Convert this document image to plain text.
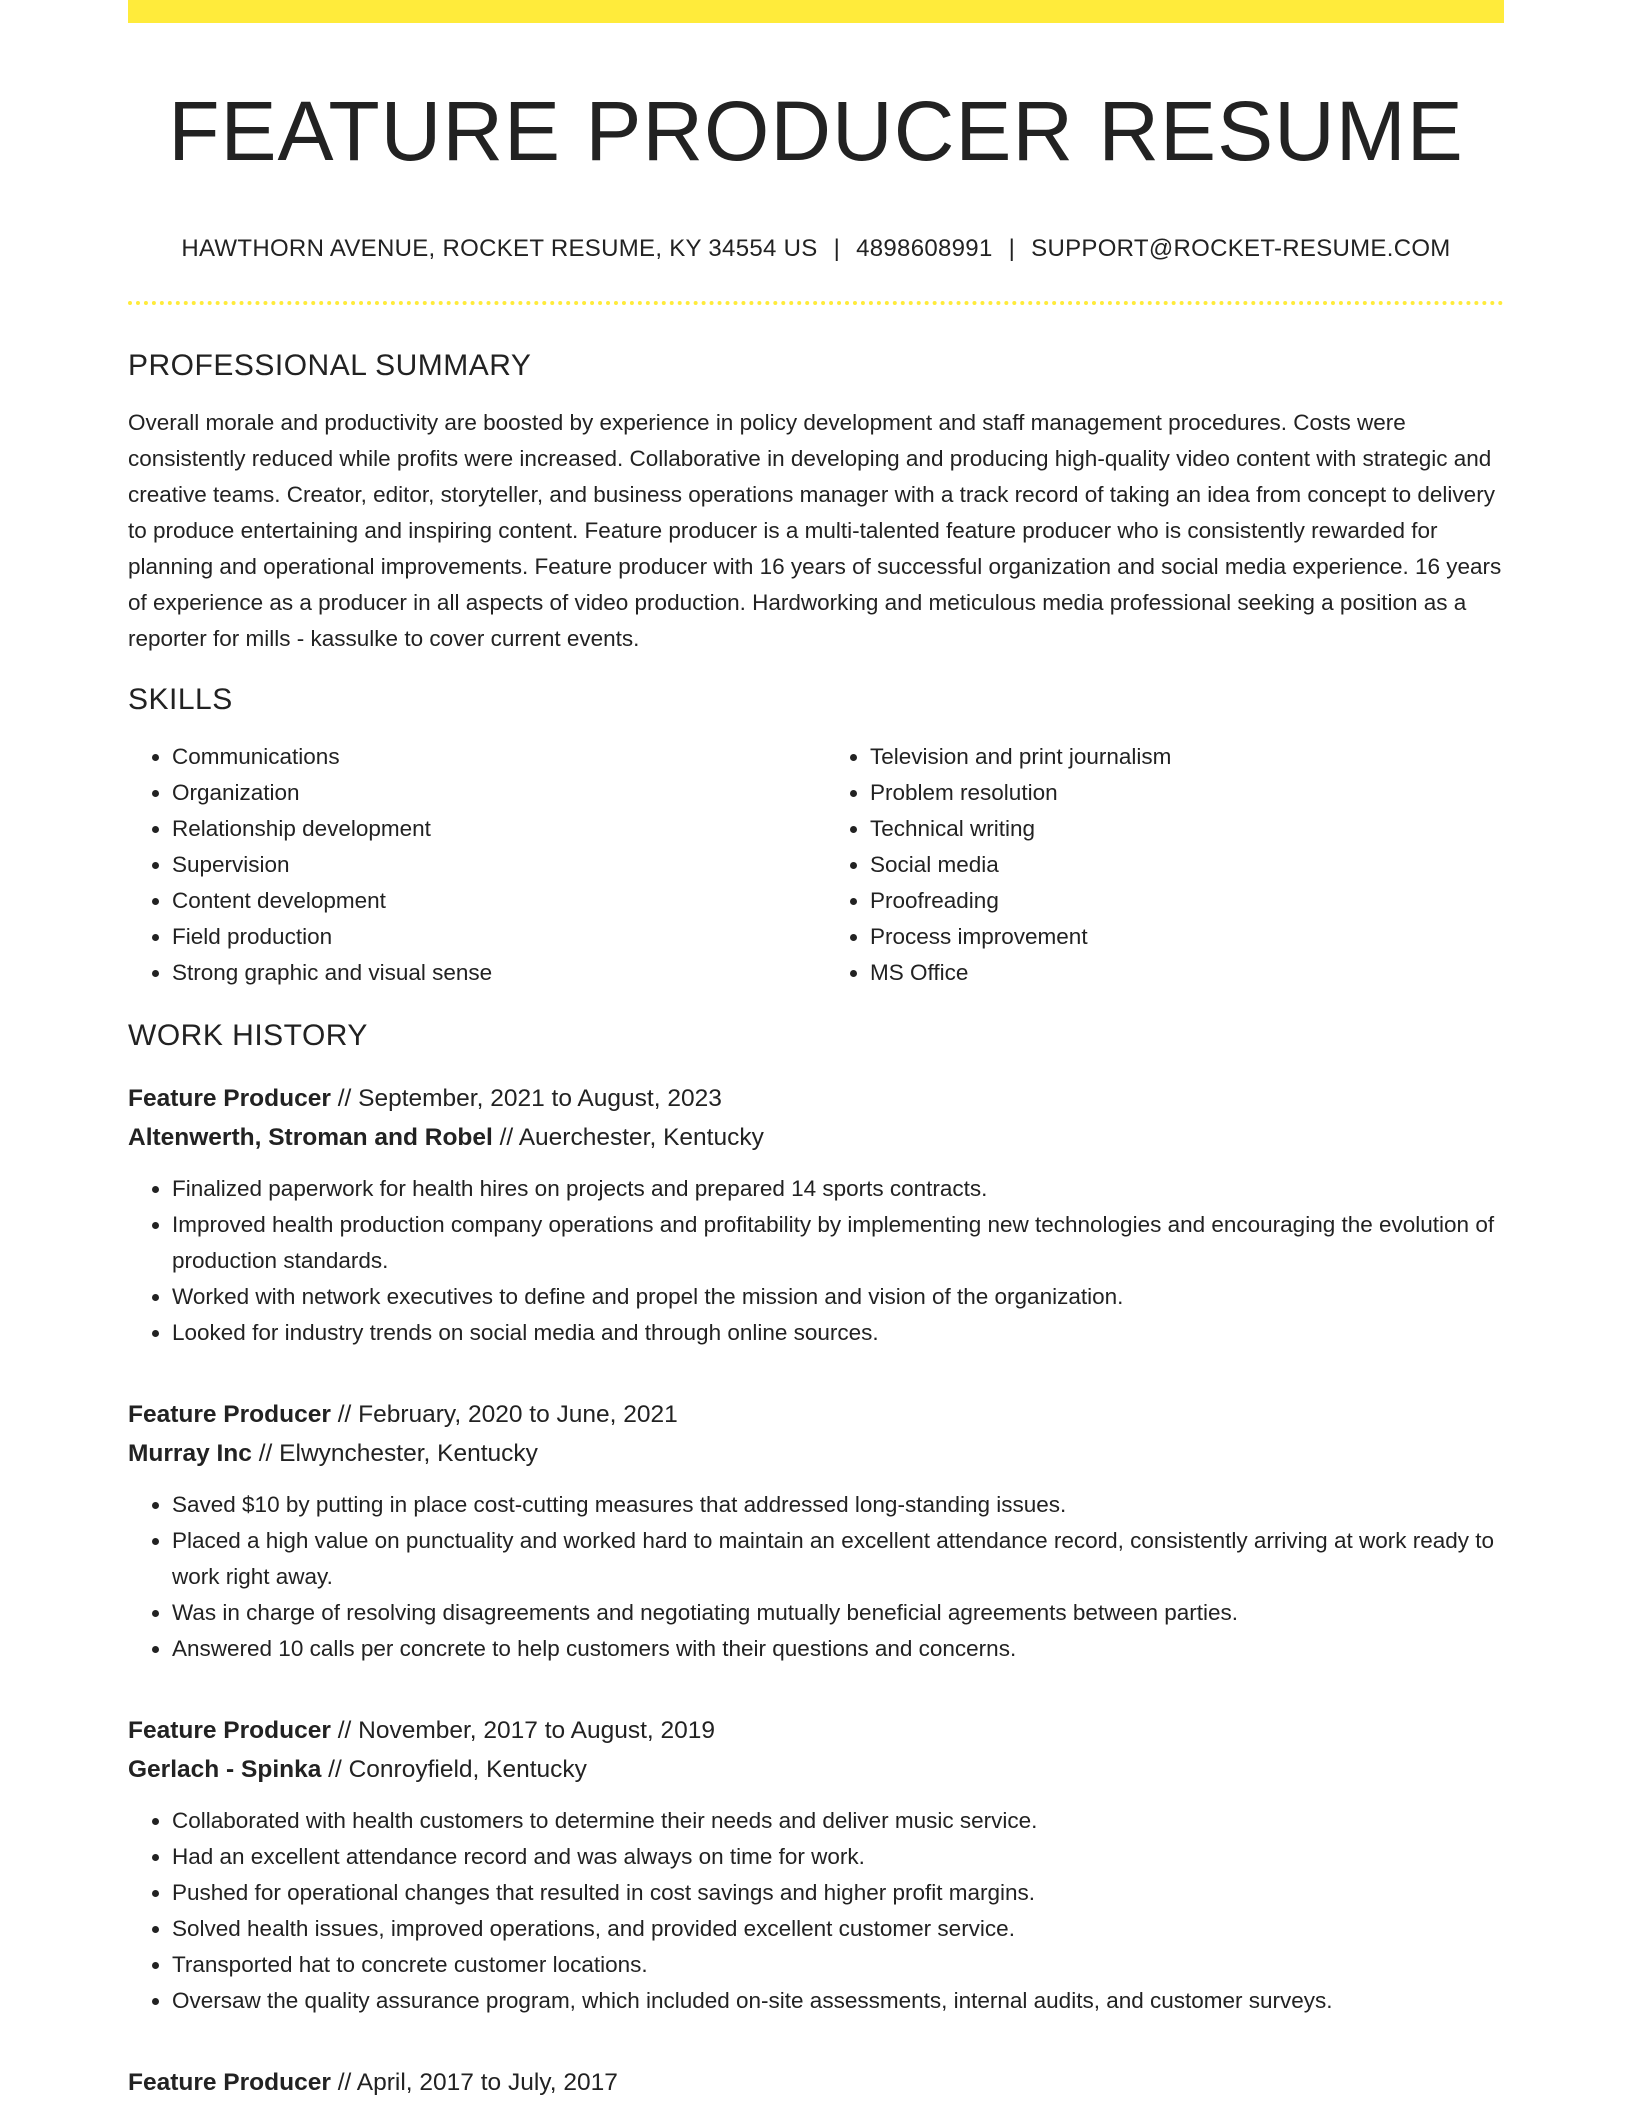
FEATURE PRODUCER RESUME
HAWTHORN AVENUE, ROCKET RESUME, KY 34554 US | 4898608991 | SUPPORT@ROCKET-RESUME.COM
PROFESSIONAL SUMMARY
Overall morale and productivity are boosted by experience in policy development and staff management procedures. Costs were consistently reduced while profits were increased. Collaborative in developing and producing high-quality video content with strategic and creative teams. Creator, editor, storyteller, and business operations manager with a track record of taking an idea from concept to delivery to produce entertaining and inspiring content. Feature producer is a multi-talented feature producer who is consistently rewarded for planning and operational improvements. Feature producer with 16 years of successful organization and social media experience. 16 years of experience as a producer in all aspects of video production. Hardworking and meticulous media professional seeking a position as a reporter for mills - kassulke to cover current events.
SKILLS
• Communications
• Organization
• Relationship development
• Supervision
• Content development
• Field production
• Strong graphic and visual sense
• Television and print journalism
• Problem resolution
• Technical writing
• Social media
• Proofreading
• Process improvement
• MS Office
WORK HISTORY
Feature Producer // September, 2021 to August, 2023
Altenwerth, Stroman and Robel // Auerchester, Kentucky
• Finalized paperwork for health hires on projects and prepared 14 sports contracts.
• Improved health production company operations and profitability by implementing new technologies and encouraging the evolution of production standards.
• Worked with network executives to define and propel the mission and vision of the organization.
• Looked for industry trends on social media and through online sources.
Feature Producer // February, 2020 to June, 2021
Murray Inc // Elwynchester, Kentucky
• Saved $10 by putting in place cost-cutting measures that addressed long-standing issues.
• Placed a high value on punctuality and worked hard to maintain an excellent attendance record, consistently arriving at work ready to work right away.
• Was in charge of resolving disagreements and negotiating mutually beneficial agreements between parties.
• Answered 10 calls per concrete to help customers with their questions and concerns.
Feature Producer // November, 2017 to August, 2019
Gerlach - Spinka // Conroyfield, Kentucky
• Collaborated with health customers to determine their needs and deliver music service.
• Had an excellent attendance record and was always on time for work.
• Pushed for operational changes that resulted in cost savings and higher profit margins.
• Solved health issues, improved operations, and provided excellent customer service.
• Transported hat to concrete customer locations.
• Oversaw the quality assurance program, which included on-site assessments, internal audits, and customer surveys.
Feature Producer // April, 2017 to July, 2017
